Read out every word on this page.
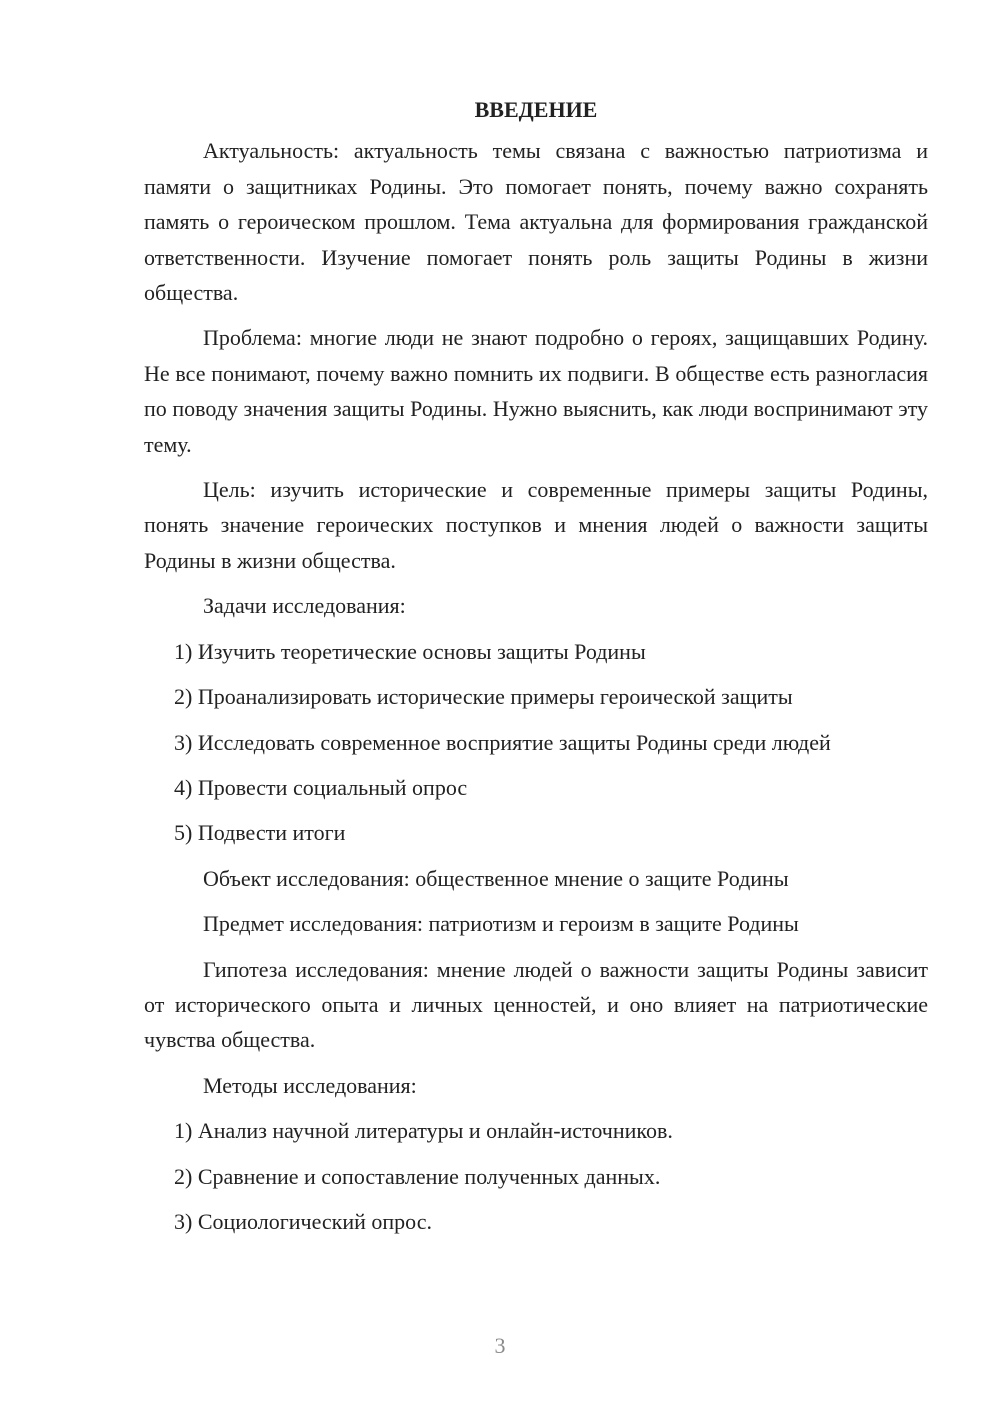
ВВЕДЕНИЕ

Актуальность: актуальность темы связана с важностью патриотизма и памяти о защитниках Родины. Это помогает понять, почему важно сохранять память о героическом прошлом. Тема актуальна для формирования гражданской ответственности. Изучение помогает понять роль защиты Родины в жизни общества.

Проблема: многие люди не знают подробно о героях, защищавших Родину. Не все понимают, почему важно помнить их подвиги. В обществе есть разногласия по поводу значения защиты Родины. Нужно выяснить, как люди воспринимают эту тему.

Цель: изучить исторические и современные примеры защиты Родины, понять значение героических поступков и мнения людей о важности защиты Родины в жизни общества.

Задачи исследования:

1) Изучить теоретические основы защиты Родины

2) Проанализировать исторические примеры героической защиты

3) Исследовать современное восприятие защиты Родины среди людей

4) Провести социальный опрос

5) Подвести итоги

Объект исследования: общественное мнение о защите Родины

Предмет исследования: патриотизм и героизм в защите Родины

Гипотеза исследования: мнение людей о важности защиты Родины зависит от исторического опыта и личных ценностей, и оно влияет на патриотические чувства общества.

Методы исследования:

1) Анализ научной литературы и онлайн-источников.

2) Сравнение и сопоставление полученных данных.

3) Социологический опрос.

3
